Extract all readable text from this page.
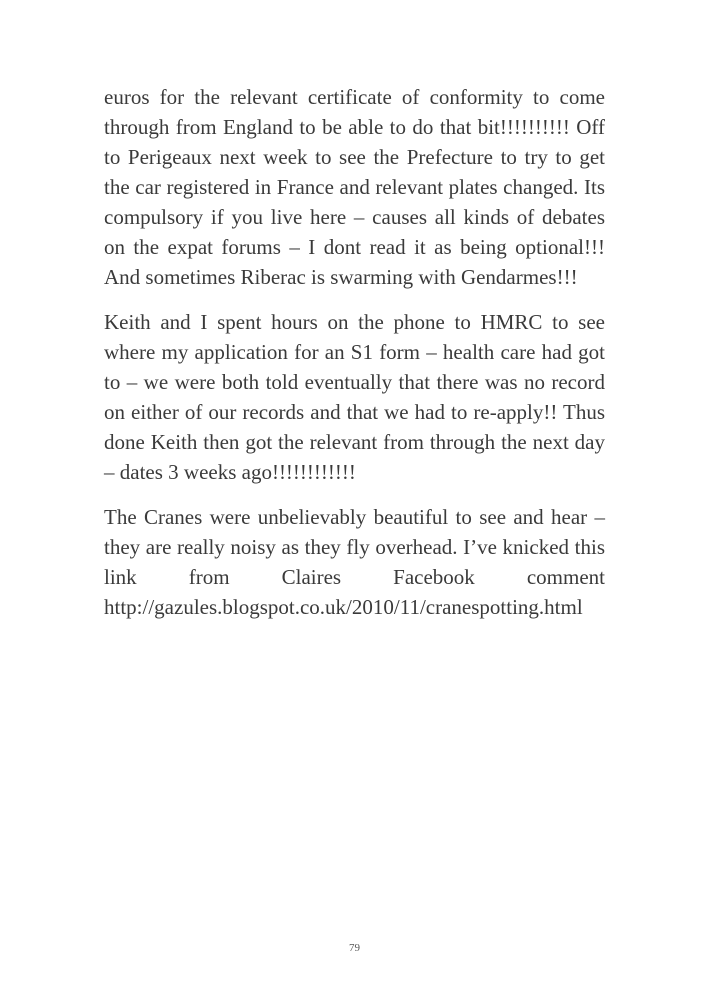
euros for the relevant certificate of conformity to come through from England to be able to do that bit!!!!!!!!!! Off to Perigeaux next week to see the Prefecture to try to get the car registered in France and relevant plates changed. Its compulsory if you live here – causes all kinds of debates on the expat forums – I dont read it as being optional!!! And sometimes Riberac is swarming with Gendarmes!!!

Keith and I spent hours on the phone to HMRC to see where my application for an S1 form – health care had got to – we were both told eventually that there was no record on either of our records and that we had to re-apply!! Thus done Keith then got the relevant from through the next day – dates 3 weeks ago!!!!!!!!!!!!

The Cranes were unbelievably beautiful to see and hear – they are really noisy as they fly overhead. I’ve knicked this link from Claires Facebook comment http://gazules.blogspot.co.uk/2010/11/cranespotting.html

79
